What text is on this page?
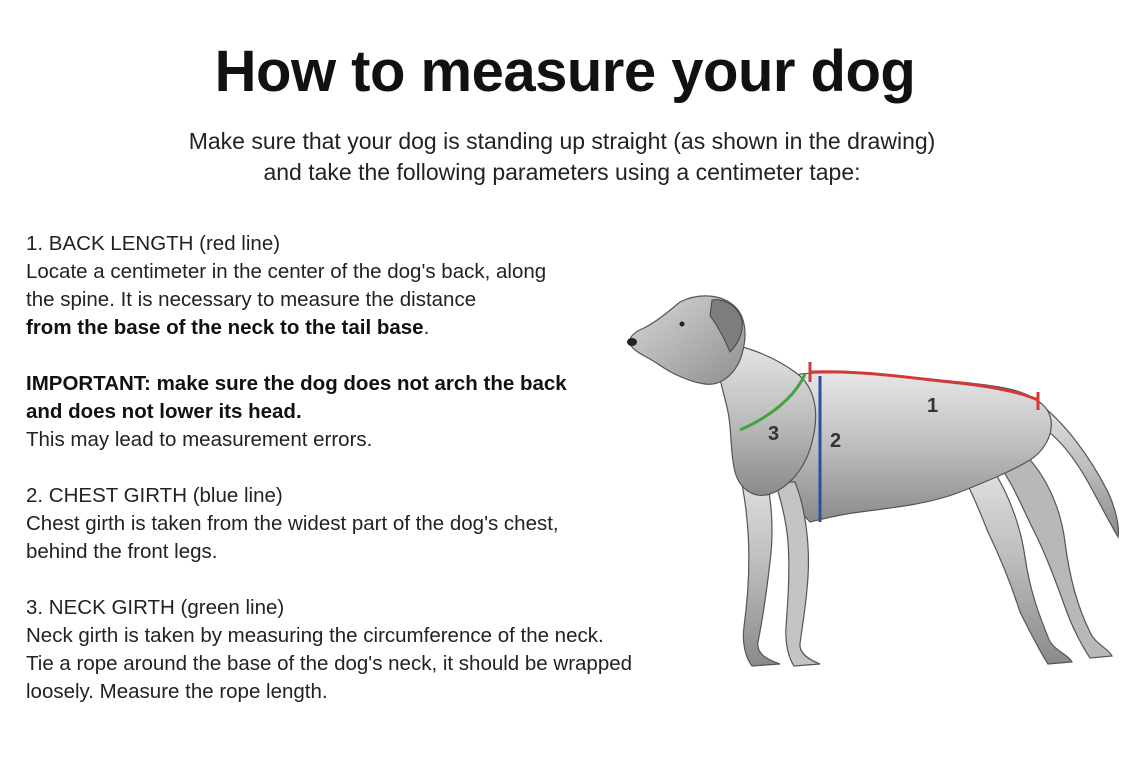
How to measure your dog
Make sure that your dog is standing up straight (as shown in the drawing)
and take the following parameters using a centimeter tape:

1. BACK LENGTH (red line)
Locate a centimeter in the center of the dog's back, along
the spine. It is necessary to measure the distance
from the base of the neck to the tail base.

IMPORTANT: make sure the dog does not arch the back
and does not lower its head.
This may lead to measurement errors.

2. CHEST GIRTH (blue line)
Chest girth is taken from the widest part of the dog's chest,
behind the front legs.

3. NECK GIRTH (green line)
Neck girth is taken by measuring the circumference of the neck.
Tie a rope around the base of the dog's neck, it should be wrapped
loosely. Measure the rope length.

1
2
3
